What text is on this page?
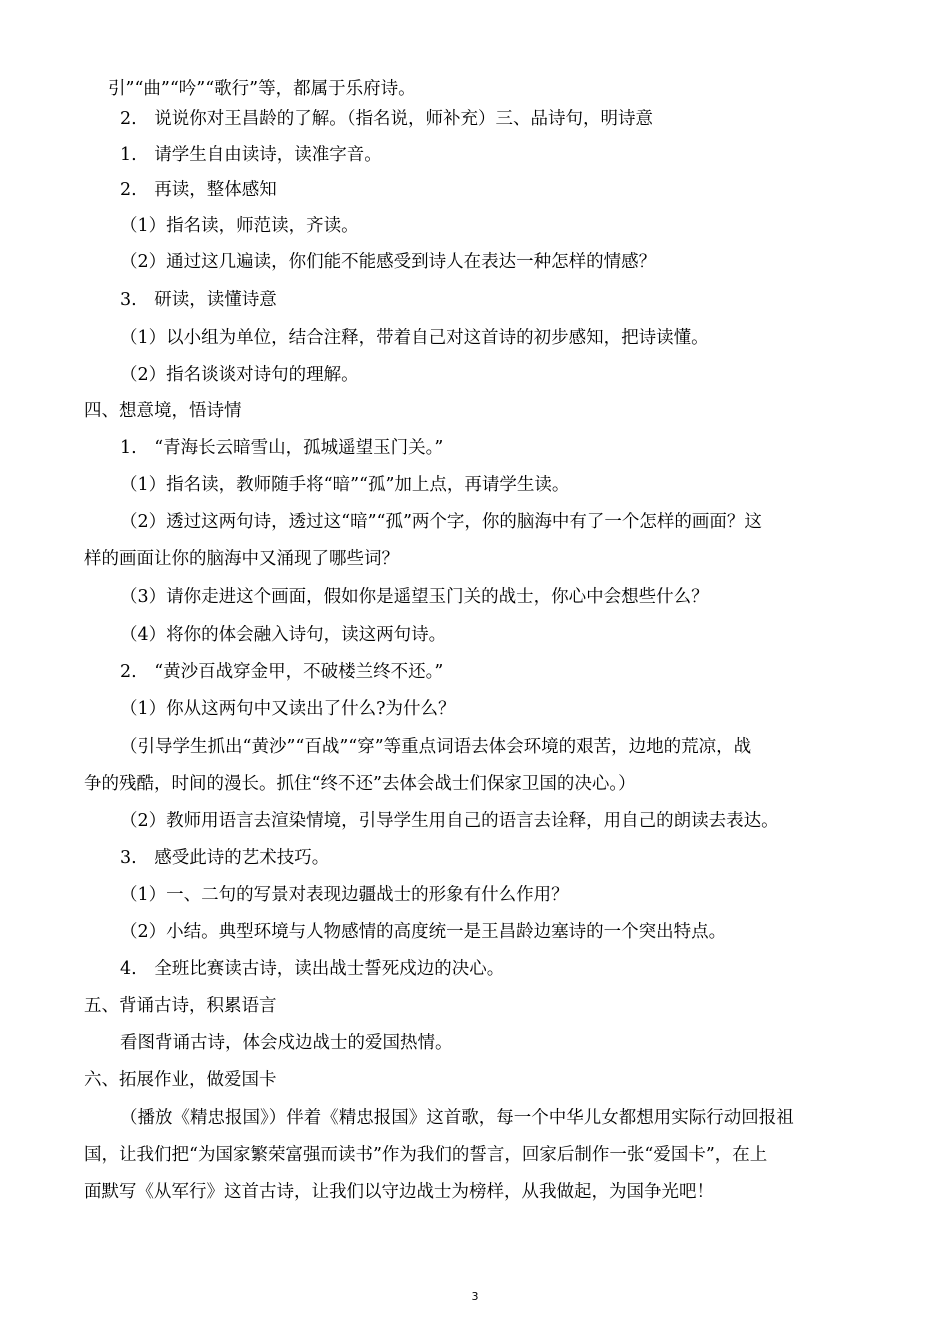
引”“曲”“吟”“歌行”等，都属于乐府诗。
2.　说说你对王昌龄的了解。（指名说，师补充）三、品诗句，明诗意
1.　请学生自由读诗，读准字音。
2.　再读，整体感知
（1）指名读，师范读，齐读。
（2）通过这几遍读，你们能不能感受到诗人在表达一种怎样的情感？
3.　研读，读懂诗意
（1）以小组为单位，结合注释，带着自己对这首诗的初步感知，把诗读懂。
（2）指名谈谈对诗句的理解。
四、想意境，悟诗情
1.　“青海长云暗雪山，孤城遥望玉门关。”
（1）指名读，教师随手将“暗”“孤”加上点，再请学生读。
（2）透过这两句诗，透过这“暗”“孤”两个字，你的脑海中有了一个怎样的画面？这
样的画面让你的脑海中又涌现了哪些词？
（3）请你走进这个画面，假如你是遥望玉门关的战士，你心中会想些什么？
（4）将你的体会融入诗句，读这两句诗。
2.　“黄沙百战穿金甲，不破楼兰终不还。”
（1）你从这两句中又读出了什么?为什么？
（引导学生抓出“黄沙”“百战”“穿”等重点词语去体会环境的艰苦，边地的荒凉，战
争的残酷，时间的漫长。抓住“终不还”去体会战士们保家卫国的决心。）
（2）教师用语言去渲染情境，引导学生用自己的语言去诠释，用自己的朗读去表达。
3.　感受此诗的艺术技巧。
（1）一、二句的写景对表现边疆战士的形象有什么作用？
（2）小结。典型环境与人物感情的高度统一是王昌龄边塞诗的一个突出特点。
4.　全班比赛读古诗，读出战士誓死戍边的决心。
五、背诵古诗，积累语言
看图背诵古诗，体会戍边战士的爱国热情。
六、拓展作业，做爱国卡
（播放《精忠报国》）伴着《精忠报国》这首歌，每一个中华儿女都想用实际行动回报祖
国，让我们把“为国家繁荣富强而读书”作为我们的誓言，回家后制作一张“爱国卡”，在上
面默写《从军行》这首古诗，让我们以守边战士为榜样，从我做起，为国争光吧！
3
